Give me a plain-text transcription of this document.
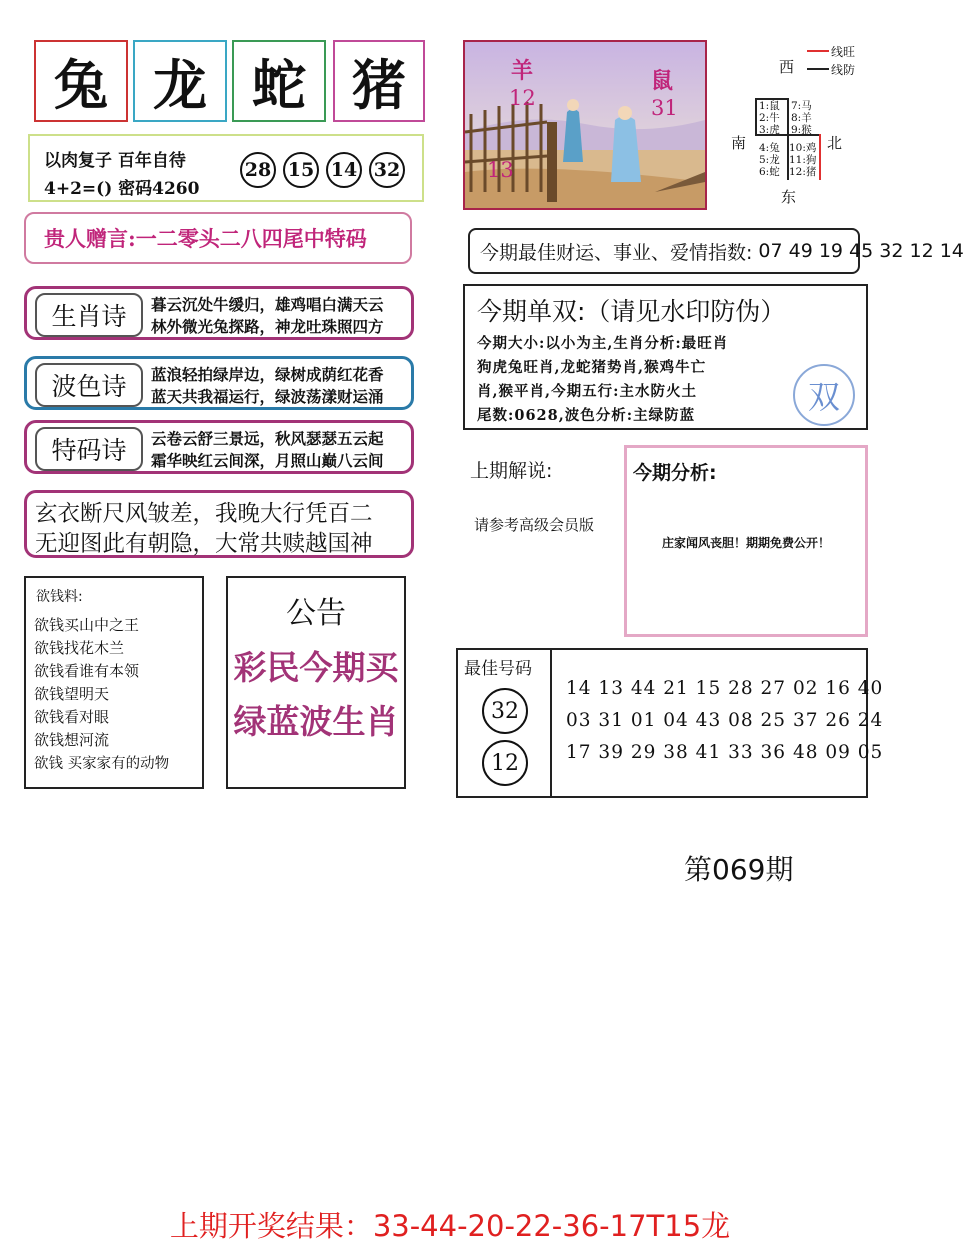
兔 龙 蛇 猪
以肉复子 百年自待
4+2=() 密码4260
28 15 14 32
贵人赠言:一二零头二八四尾中特码
生肖诗	暮云沉处牛缓归，雄鸡唱白满天云
林外微光兔探路，神龙吐珠照四方
波色诗	蓝浪轻拍绿岸边，绿树成荫红花香
蓝天共我福运行，绿波荡漾财运涌
特码诗	云卷云舒三景远，秋风瑟瑟五云起
霜华映红云间深，月照山巅八云间
玄衣断尺风皱差，我晚大行凭百二
无迎图此有朝隐，大常共赎越国神
欲钱料:
欲钱买山中之王
欲钱找花木兰
欲钱看谁有本领
欲钱望明天
欲钱看对眼
欲钱想河流
欲钱 买家家有的动物
公告
彩民今期买
绿蓝波生肖
羊
12
鼠
31
13
线旺
线防
西
南	北
东
1:鼠
2:牛
3:虎
4:兔
5:龙
6:蛇
7:马
8:羊
9:猴
10:鸡
11:狗
12:猪
今期最佳财运、事业、爱情指数: 07 49 19 45 32 12 14
今期单双:（请见水印防伪）
今期大小:以小为主,生肖分析:最旺肖
狗虎兔旺肖,龙蛇猪势肖,猴鸡牛亡
肖,猴平肖,今期五行:主水防火土
尾数:0628,波色分析:主绿防蓝	双
上期解说:
请参考高级会员版
今期分析:
庄家闻风丧胆！期期免费公开！
最佳号码
32
12
14 13 44 21 15 28 27 02 16 40
03 31 01 04 43 08 25 37 26 24
17 39 29 38 41 33 36 48 09 05
第069期
上期开奖结果：33-44-20-22-36-17T15龙
